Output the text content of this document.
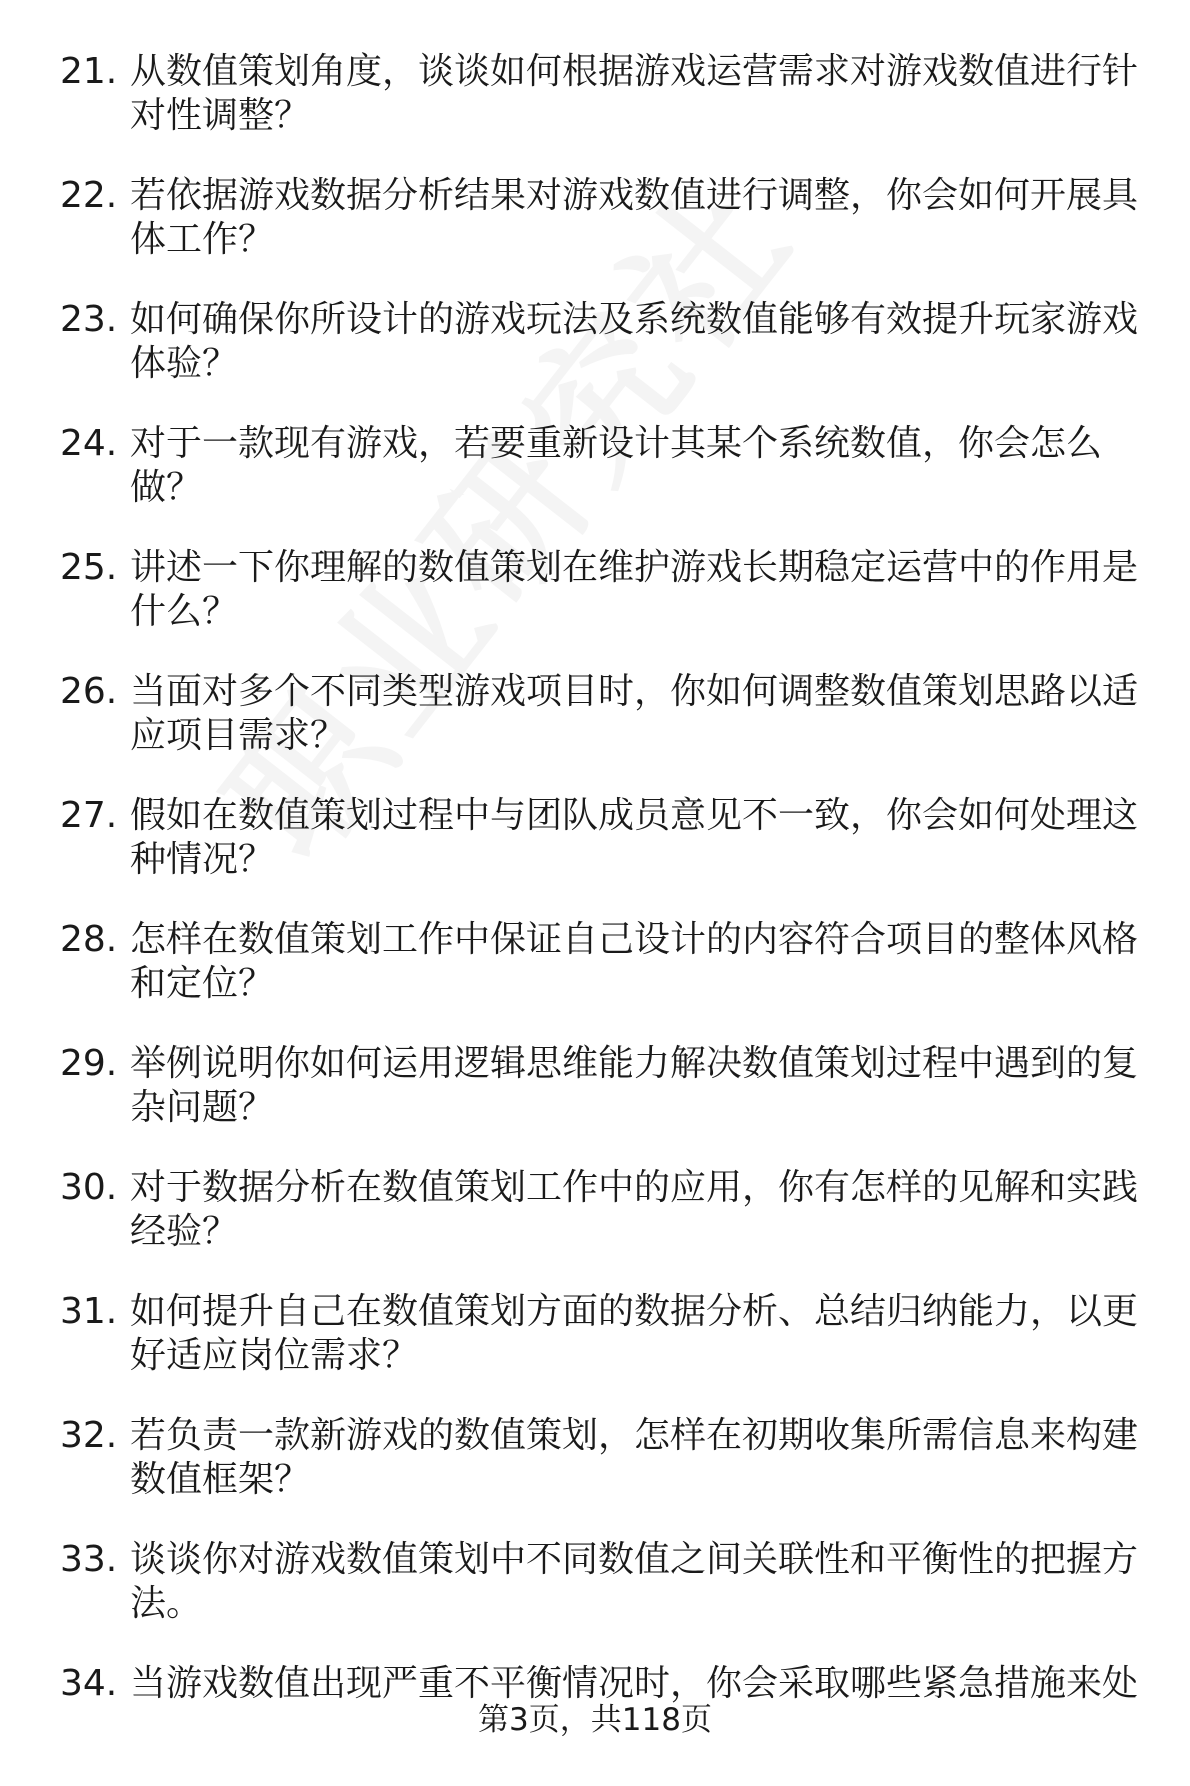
21. 从数值策划角度，谈谈如何根据游戏运营需求对游戏数值进行针对性调整？
22. 若依据游戏数据分析结果对游戏数值进行调整，你会如何开展具体工作？
23. 如何确保你所设计的游戏玩法及系统数值能够有效提升玩家游戏体验？
24. 对于一款现有游戏，若要重新设计其某个系统数值，你会怎么做？
25. 讲述一下你理解的数值策划在维护游戏长期稳定运营中的作用是什么？
26. 当面对多个不同类型游戏项目时，你如何调整数值策划思路以适应项目需求？
27. 假如在数值策划过程中与团队成员意见不一致，你会如何处理这种情况？
28. 怎样在数值策划工作中保证自己设计的内容符合项目的整体风格和定位？
29. 举例说明你如何运用逻辑思维能力解决数值策划过程中遇到的复杂问题？
30. 对于数据分析在数值策划工作中的应用，你有怎样的见解和实践经验？
31. 如何提升自己在数值策划方面的数据分析、总结归纳能力，以更好适应岗位需求？
32. 若负责一款新游戏的数值策划，怎样在初期收集所需信息来构建数值框架？
33. 谈谈你对游戏数值策划中不同数值之间关联性和平衡性的把握方法。
34. 当游戏数值出现严重不平衡情况时，你会采取哪些紧急措施来处
第3页，共118页
